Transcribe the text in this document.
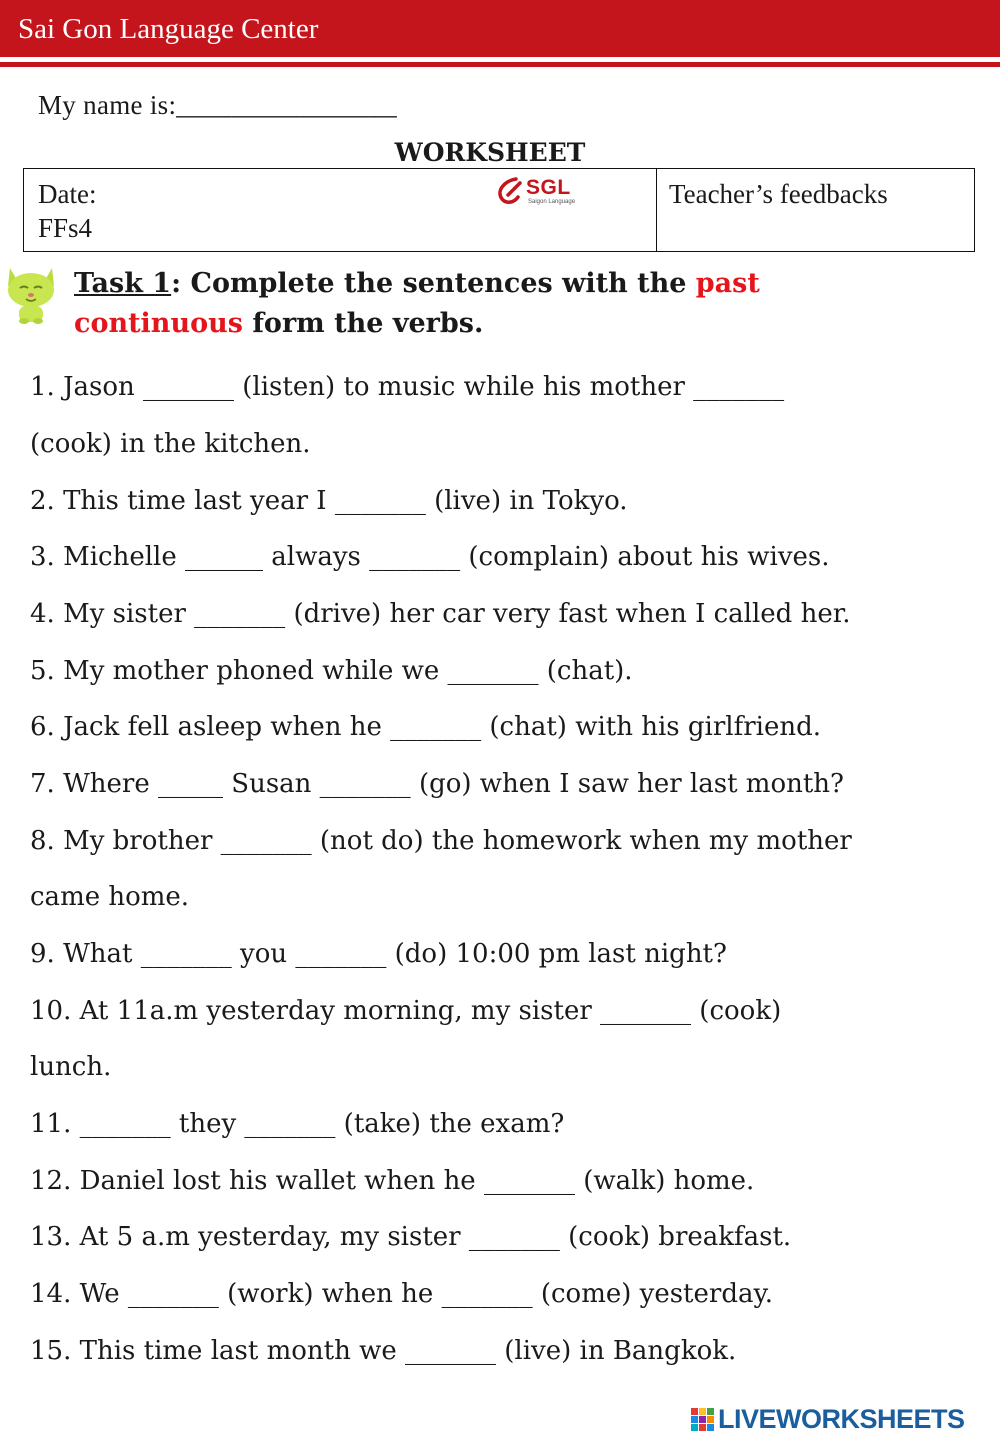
Sai Gon Language Center
My name is:________________
WORKSHEET
Date:
FFs4
SGL
Saigon Language	Teacher’s feedbacks
Task 1: Complete the sentences with the past
continuous form the verbs.
1. Jason _______ (listen) to music while his mother _______
(cook) in the kitchen.
2. This time last year I _______ (live) in Tokyo.
3. Michelle ______ always _______ (complain) about his wives.
4. My sister _______ (drive) her car very fast when I called her.
5. My mother phoned while we _______ (chat).
6. Jack fell asleep when he _______ (chat) with his girlfriend.
7. Where _____ Susan _______ (go) when I saw her last month?
8. My brother _______ (not do) the homework when my mother
came home.
9. What _______ you _______ (do) 10:00 pm last night?
10. At 11a.m yesterday morning, my sister _______ (cook)
lunch.
11. _______ they _______ (take) the exam?
12. Daniel lost his wallet when he _______ (walk) home.
13. At 5 a.m yesterday, my sister _______ (cook) breakfast.
14. We _______ (work) when he _______ (come) yesterday.
15. This time last month we _______ (live) in Bangkok.
LIVEWORKSHEETS
